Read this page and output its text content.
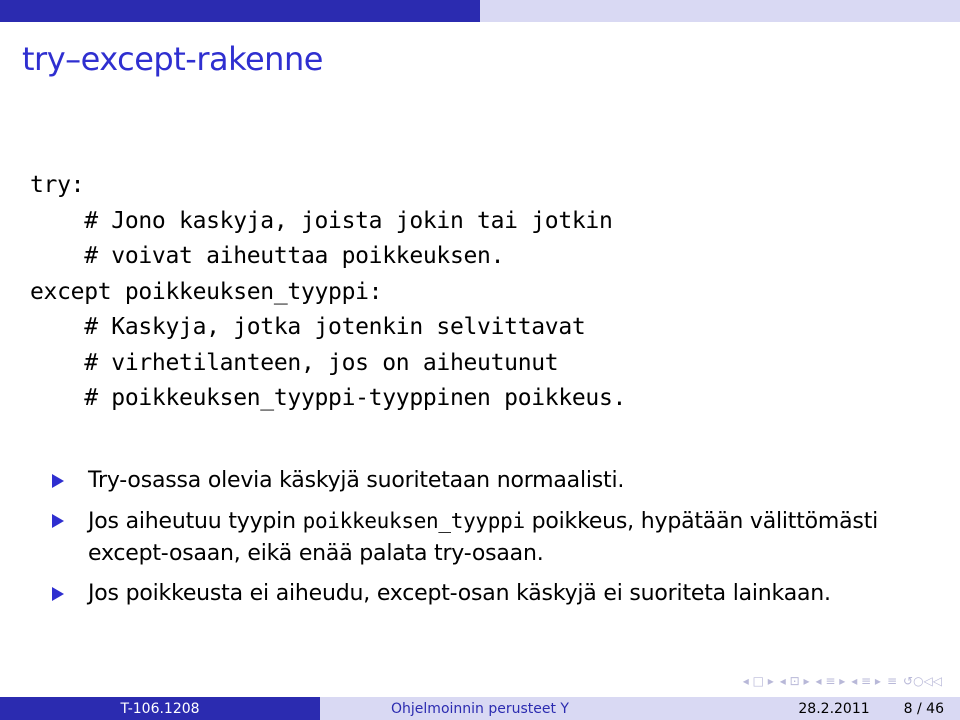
try–except-rakenne
try:
# Jono kaskyja, joista jokin tai jotkin
# voivat aiheuttaa poikkeuksen.
except poikkeuksen_tyyppi:
# Kaskyja, jotka jotenkin selvittavat
# virhetilanteen, jos on aiheutunut
# poikkeuksen_tyyppi-tyyppinen poikkeus.
Try-osassa olevia käskyjä suoritetaan normaalisti.
Jos aiheutuu tyypin poikkeuksen_tyyppi poikkeus, hypätään välittömästi except-osaan, eikä enää palata try-osaan.
Jos poikkeusta ei aiheudu, except-osan käskyjä ei suoriteta lainkaan.
◂ □ ▸ ◂ ⊡ ▸ ◂ ≡ ▸ ◂ ≡ ▸ ≡ ↺○◁◁
T-106.1208	Ohjelmoinnin perusteet Y	28.2.2011 8 / 46
